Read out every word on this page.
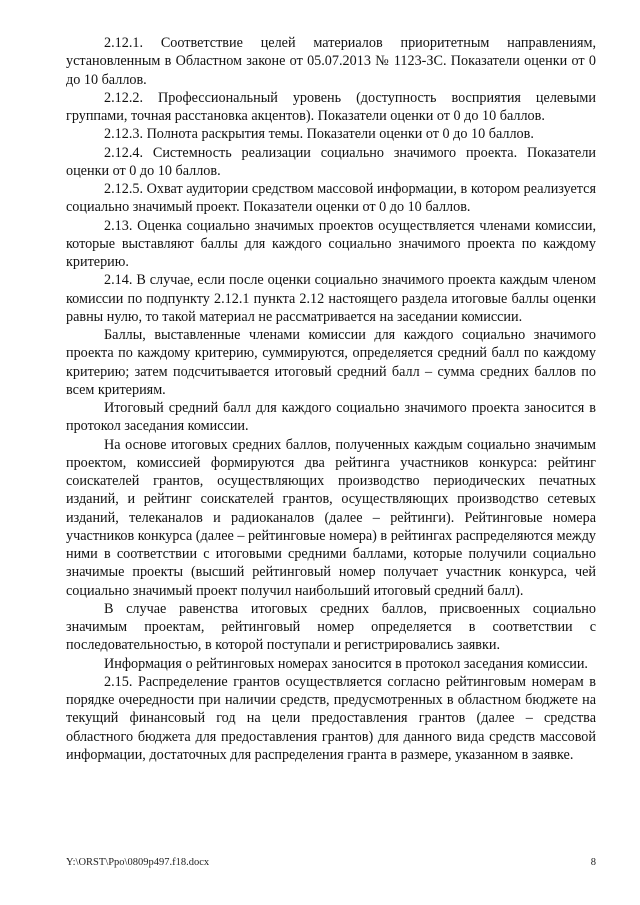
2.12.1. Соответствие целей материалов приоритетным направлениям, установленным в Областном законе от 05.07.2013 № 1123-ЗС. Показатели оценки от 0 до 10 баллов.

2.12.2. Профессиональный уровень (доступность восприятия целевыми группами, точная расстановка акцентов). Показатели оценки от 0 до 10 баллов.

2.12.3. Полнота раскрытия темы. Показатели оценки от 0 до 10 баллов.

2.12.4. Системность реализации социально значимого проекта. Показатели оценки от 0 до 10 баллов.

2.12.5. Охват аудитории средством массовой информации, в котором реализуется социально значимый проект. Показатели оценки от 0 до 10 баллов.

2.13. Оценка социально значимых проектов осуществляется членами комиссии, которые выставляют баллы для каждого социально значимого проекта по каждому критерию.

2.14. В случае, если после оценки социально значимого проекта каждым членом комиссии по подпункту 2.12.1 пункта 2.12 настоящего раздела итоговые баллы оценки равны нулю, то такой материал не рассматривается на заседании комиссии.

Баллы, выставленные членами комиссии для каждого социально значимого проекта по каждому критерию, суммируются, определяется средний балл по каждому критерию; затем подсчитывается итоговый средний балл – сумма средних баллов по всем критериям.

Итоговый средний балл для каждого социально значимого проекта заносится в протокол заседания комиссии.

На основе итоговых средних баллов, полученных каждым социально значимым проектом, комиссией формируются два рейтинга участников конкурса: рейтинг соискателей грантов, осуществляющих производство периодических печатных изданий, и рейтинг соискателей грантов, осуществляющих производство сетевых изданий, телеканалов и радиоканалов (далее – рейтинги). Рейтинговые номера участников конкурса (далее – рейтинговые номера) в рейтингах распределяются между ними в соответствии с итоговыми средними баллами, которые получили социально значимые проекты (высший рейтинговый номер получает участник конкурса, чей социально значимый проект получил наибольший итоговый средний балл).

В случае равенства итоговых средних баллов, присвоенных социально значимым проектам, рейтинговый номер определяется в соответствии с последовательностью, в которой поступали и регистрировались заявки.

Информация о рейтинговых номерах заносится в протокол заседания комиссии.

2.15. Распределение грантов осуществляется согласно рейтинговым номерам в порядке очередности при наличии средств, предусмотренных в областном бюджете на текущий финансовый год на цели предоставления грантов (далее – средства областного бюджета для предоставления грантов) для данного вида средств массовой информации, достаточных для распределения гранта в размере, указанном в заявке.

Y:\ORST\Ppo\0809p497.f18.docx	8
